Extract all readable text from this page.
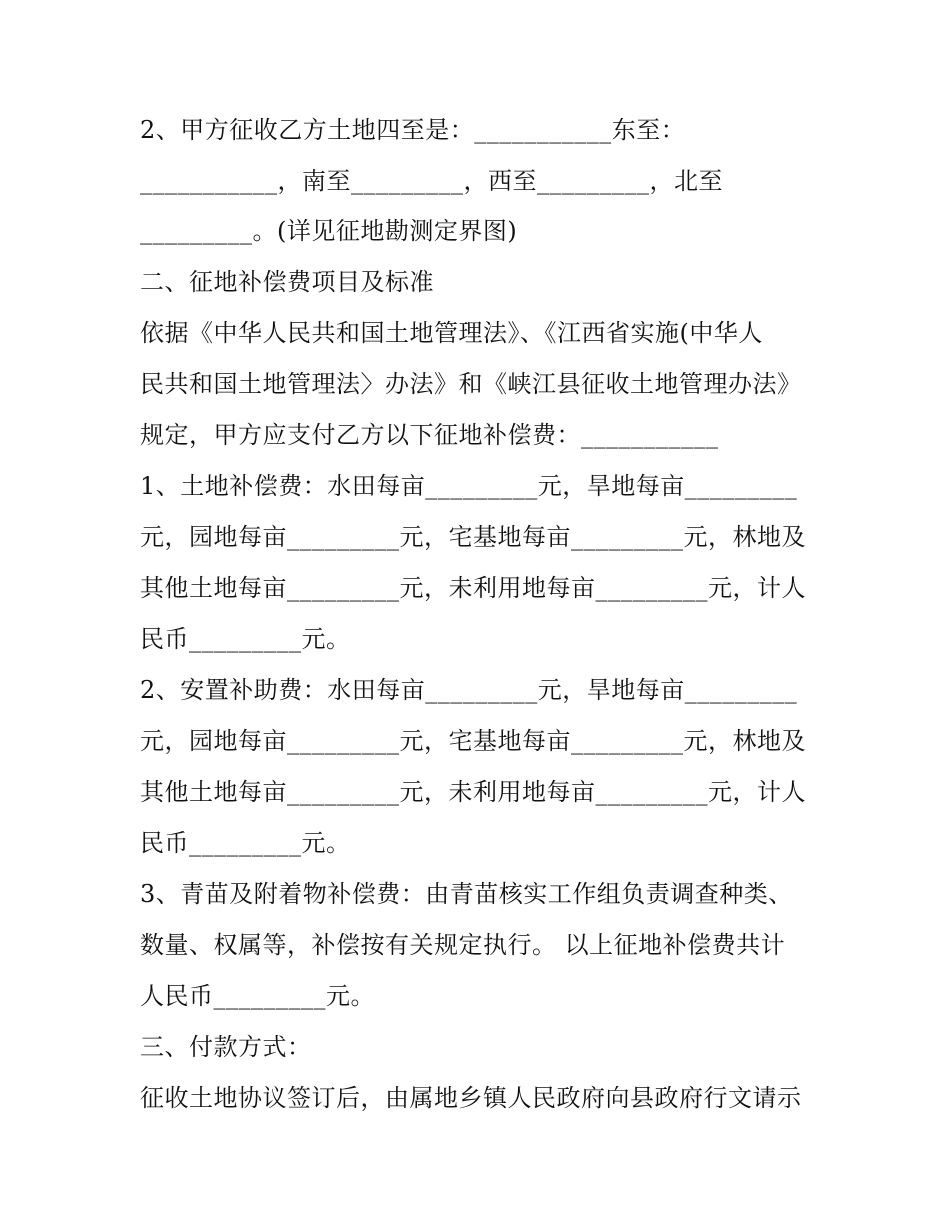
2、甲方征收乙方土地四至是：___________东至：
___________，南至_________，西至_________，北至
_________。(详见征地勘测定界图)
二、征地补偿费项目及标准
依据《中华人民共和国土地管理法》、《江西省实施(中华人
民共和国土地管理法〉办法》和《峡江县征收土地管理办法》
规定，甲方应支付乙方以下征地补偿费：___________
1、土地补偿费：水田每亩_________元，旱地每亩_________
元，园地每亩_________元，宅基地每亩_________元，林地及
其他土地每亩_________元，未利用地每亩_________元，计人
民币_________元。
2、安置补助费：水田每亩_________元，旱地每亩_________
元，园地每亩_________元，宅基地每亩_________元，林地及
其他土地每亩_________元，未利用地每亩_________元，计人
民币_________元。
3、青苗及附着物补偿费：由青苗核实工作组负责调查种类、
数量、权属等，补偿按有关规定执行。 以上征地补偿费共计
人民币_________元。
三、付款方式：
征收土地协议签订后，由属地乡镇人民政府向县政府行文请示
